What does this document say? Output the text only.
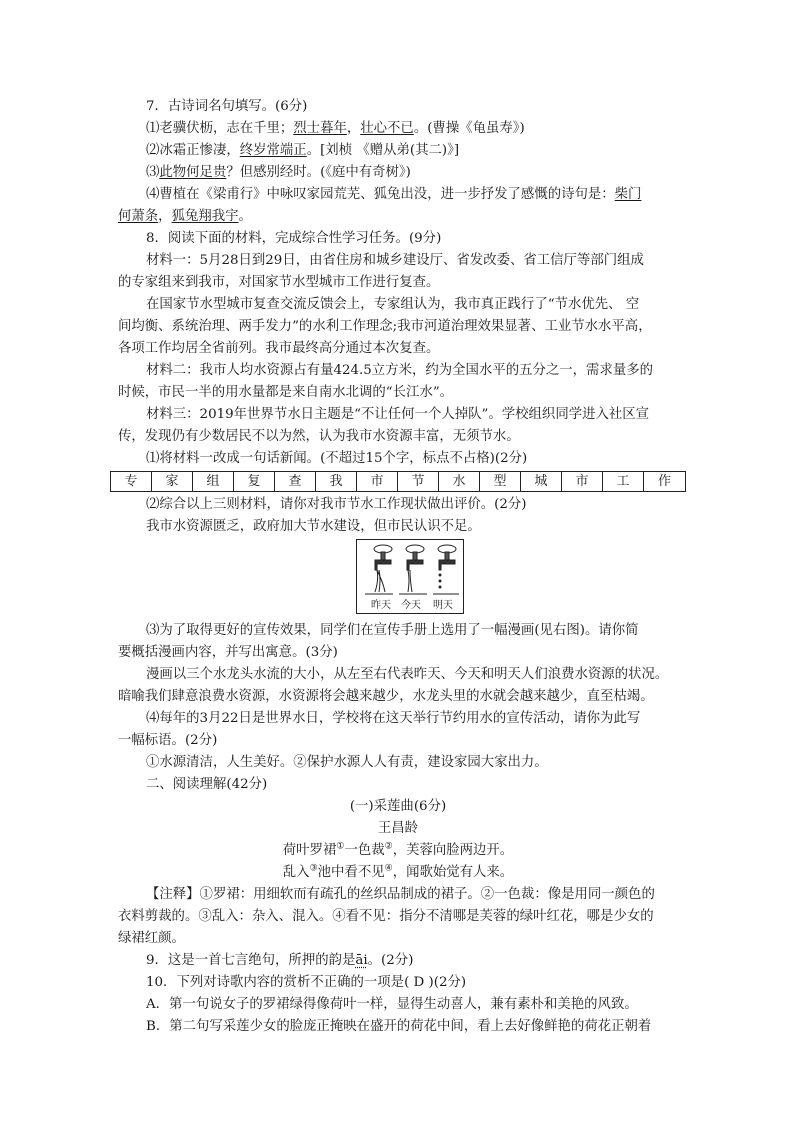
7．古诗词名句填写。(6分)
⑴老骥伏枥，志在千里；烈士暮年，壮心不已。(曹操《龟虽寿》)
⑵冰霜正惨凄，终岁常端正。[刘桢 《赠从弟(其二)》]
⑶此物何足贵？但感别经时。(《庭中有奇树》)
⑷曹植在《梁甫行》中咏叹家园荒芜、狐兔出没，进一步抒发了感慨的诗句是：柴门
何萧条，狐兔翔我宇。
8．阅读下面的材料，完成综合性学习任务。(9分)
材料一：5月28日到29日，由省住房和城乡建设厅、省发改委、省工信厅等部门组成
的专家组来到我市，对国家节水型城市工作进行复查。
在国家节水型城市复查交流反馈会上，专家组认为，我市真正践行了“节水优先、 空
间均衡、系统治理、两手发力”的水利工作理念;我市河道治理效果显著、工业节水水平高，
各项工作均居全省前列。我市最终高分通过本次复查。
材料二：我市人均水资源占有量424.5立方米，约为全国水平的五分之一，需求量多的
时候，市民一半的用水量都是来自南水北调的“长江水”。
材料三：2019年世界节水日主题是“不让任何一个人掉队”。学校组织同学进入社区宣
传，发现仍有少数居民不以为然，认为我市水资源丰富，无须节水。
⑴将材料一改成一句话新闻。(不超过15个字，标点不占格)(2分)
专	家	组	复	查	我	市	节	水	型	城	市	工	作
⑵综合以上三则材料，请你对我市节水工作现状做出评价。(2分)
我市水资源匮乏，政府加大节水建设，但市民认识不足。
昨天 今天 明天
⑶为了取得更好的宣传效果，同学们在宣传手册上选用了一幅漫画(见右图)。请你简
要概括漫画内容，并写出寓意。(3分)
漫画以三个水龙头水流的大小，从左至右代表昨天、今天和明天人们浪费水资源的状况。
暗喻我们肆意浪费水资源，水资源将会越来越少，水龙头里的水就会越来越少，直至枯竭。
⑷每年的3月22日是世界水日，学校将在这天举行节约用水的宣传活动，请你为此写
一幅标语。(2分)
①水源清洁，人生美好。②保护水源人人有责，建设家园大家出力。
二、阅读理解(42分)
(一)采莲曲(6分)
王昌龄
荷叶罗裙①一色裁②，芙蓉向脸两边开。
乱入③池中看不见④，闻歌始觉有人来。
【注释】①罗裙：用细软而有疏孔的丝织品制成的裙子。②一色裁：像是用同一颜色的
衣料剪裁的。③乱入：杂入、混入。④看不见：指分不清哪是芙蓉的绿叶红花，哪是少女的
绿裙红颜。
9．这是一首七言绝句，所押的韵是āi。(2分)
10．下列对诗歌内容的赏析不正确的一项是( D )(2分)
A．第一句说女子的罗裙绿得像荷叶一样，显得生动喜人，兼有素朴和美艳的风致。
B．第二句写采莲少女的脸庞正掩映在盛开的荷花中间，看上去好像鲜艳的荷花正朝着
